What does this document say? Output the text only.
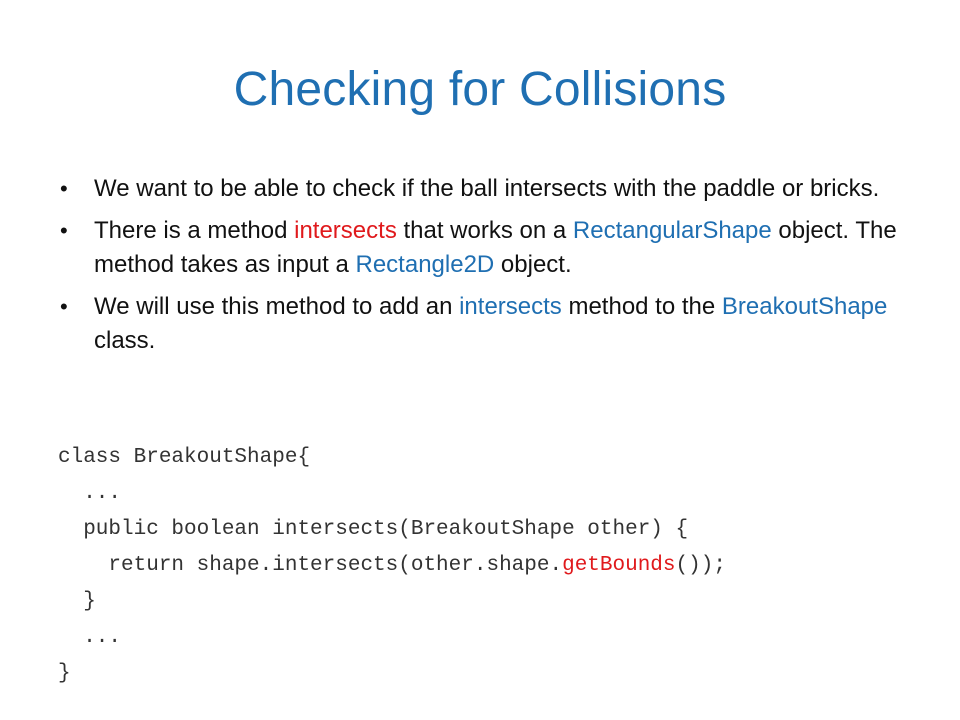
Checking for Collisions
•	We want to be able to check if the ball intersects with the paddle or bricks.
•	There is a method intersects that works on a RectangularShape object. The method takes as input a Rectangle2D object.
•	We will use this method to add an intersects method to the BreakoutShape class.
class BreakoutShape{
...
public boolean intersects(BreakoutShape other) {
return shape.intersects(other.shape.getBounds());
}
...
}
